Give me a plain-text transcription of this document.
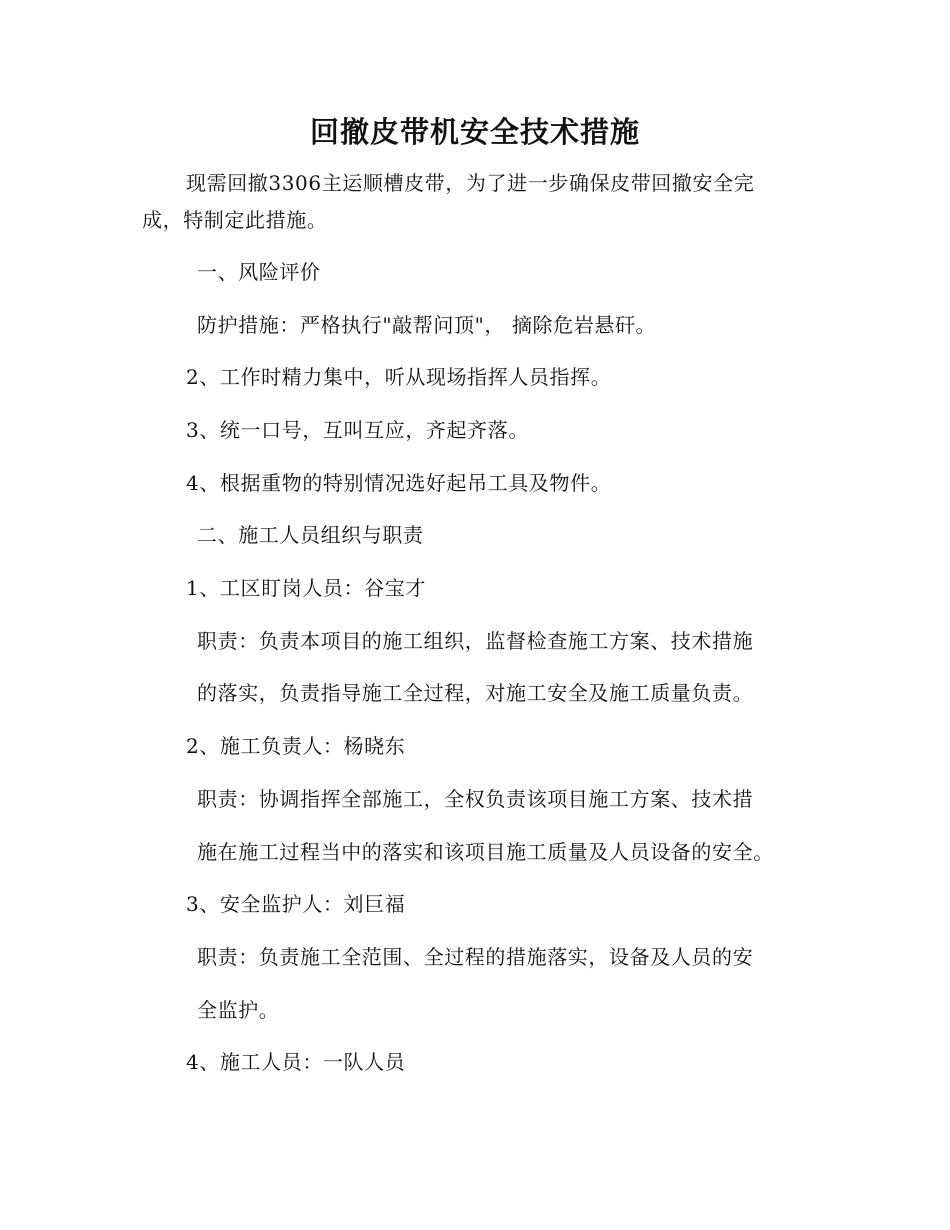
回撤皮带机安全技术措施
现需回撤3306主运顺槽皮带，为了进一步确保皮带回撤安全完
成，特制定此措施。
一、风险评价
防护措施：严格执行"敲帮问顶"， 摘除危岩悬矸。
2、工作时精力集中，听从现场指挥人员指挥。
3、统一口号，互叫互应，齐起齐落。
4、根据重物的特别情况选好起吊工具及物件。
二、施工人员组织与职责
1、工区盯岗人员：谷宝才
职责：负责本项目的施工组织，监督检查施工方案、技术措施
的落实，负责指导施工全过程，对施工安全及施工质量负责。
2、施工负责人：杨晓东
职责：协调指挥全部施工，全权负责该项目施工方案、技术措
施在施工过程当中的落实和该项目施工质量及人员设备的安全。
3、安全监护人：刘巨福
职责：负责施工全范围、全过程的措施落实，设备及人员的安
全监护。
4、施工人员：一队人员
